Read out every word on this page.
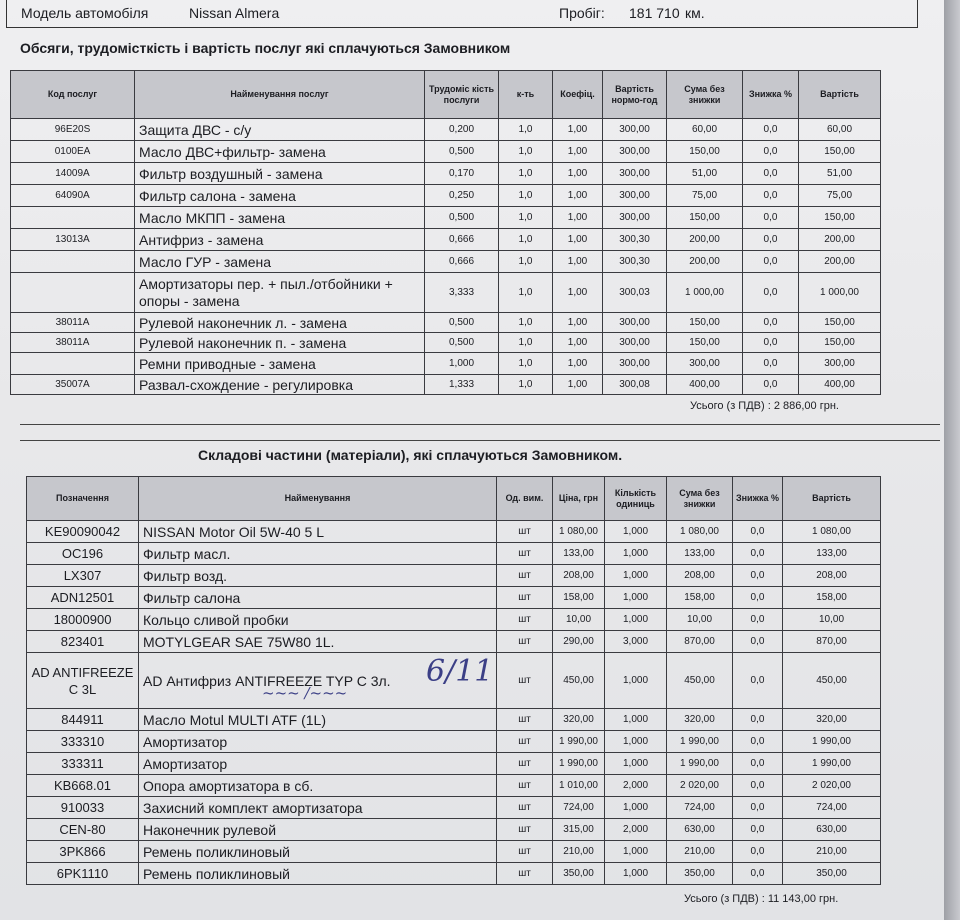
Модель автомобіля	Nissan Almera	Пробіг: 181 710 км.
Обсяги, трудомісткість і вартість послуг які сплачуються Замовником
Код послуг	Найменування послуг	Трудоміс кість послуги	к-ть	Коефіц.	Вартість нормо-год	Сума без знижки	Знижка %	Вартість
96E20S	Защита ДВС - с/у	0,200	1,0	1,00	300,00	60,00	0,0	60,00
0100EA	Масло ДВС+фильтр- замена	0,500	1,0	1,00	300,00	150,00	0,0	150,00
14009A	Фильтр воздушный - замена	0,170	1,0	1,00	300,00	51,00	0,0	51,00
64090A	Фильтр салона - замена	0,250	1,0	1,00	300,00	75,00	0,0	75,00
	Масло МКПП - замена	0,500	1,0	1,00	300,00	150,00	0,0	150,00
13013A	Антифриз - замена	0,666	1,0	1,00	300,30	200,00	0,0	200,00
	Масло ГУР - замена	0,666	1,0	1,00	300,30	200,00	0,0	200,00
	Амортизаторы пер. + пыл./отбойники + опоры - замена	3,333	1,0	1,00	300,03	1 000,00	0,0	1 000,00
38011A	Рулевой наконечник л. - замена	0,500	1,0	1,00	300,00	150,00	0,0	150,00
38011A	Рулевой наконечник п. - замена	0,500	1,0	1,00	300,00	150,00	0,0	150,00
	Ремни приводные - замена	1,000	1,0	1,00	300,00	300,00	0,0	300,00
35007A	Развал-схождение - регулировка	1,333	1,0	1,00	300,08	400,00	0,0	400,00
Усього (з ПДВ) : 2 886,00 грн.
Складові частини (матеріали), які сплачуються Замовником.
Позначення	Найменування	Од. вим.	Ціна, грн	Кількість одиниць	Сума без знижки	Знижка %	Вартість
KE90090042	NISSAN Motor Oil 5W-40 5 L	шт	1 080,00	1,000	1 080,00	0,0	1 080,00
OC196	Фильтр масл.	шт	133,00	1,000	133,00	0,0	133,00
LX307	Фильтр возд.	шт	208,00	1,000	208,00	0,0	208,00
ADN12501	Фильтр салона	шт	158,00	1,000	158,00	0,0	158,00
18000900	Кольцо сливой пробки	шт	10,00	1,000	10,00	0,0	10,00
823401	MOTYLGEAR SAE 75W80 1L.	шт	290,00	3,000	870,00	0,0	870,00
AD ANTIFREEZE C 3L	AD Антифриз ANTIFREEZE TYP C 3л.	шт	450,00	1,000	450,00	0,0	450,00
844911	Масло Motul MULTI ATF (1L)	шт	320,00	1,000	320,00	0,0	320,00
333310	Амортизатор	шт	1 990,00	1,000	1 990,00	0,0	1 990,00
333311	Амортизатор	шт	1 990,00	1,000	1 990,00	0,0	1 990,00
KB668.01	Опора амортизатора в сб.	шт	1 010,00	2,000	2 020,00	0,0	2 020,00
910033	Захисний комплект амортизатора	шт	724,00	1,000	724,00	0,0	724,00
CEN-80	Наконечник рулевой	шт	315,00	2,000	630,00	0,0	630,00
3PK866	Ремень поликлиновый	шт	210,00	1,000	210,00	0,0	210,00
6PK1110	Ремень поликлиновый	шт	350,00	1,000	350,00	0,0	350,00
Усього (з ПДВ) : 11 143,00 грн.
6/11
~~~ /~~~
